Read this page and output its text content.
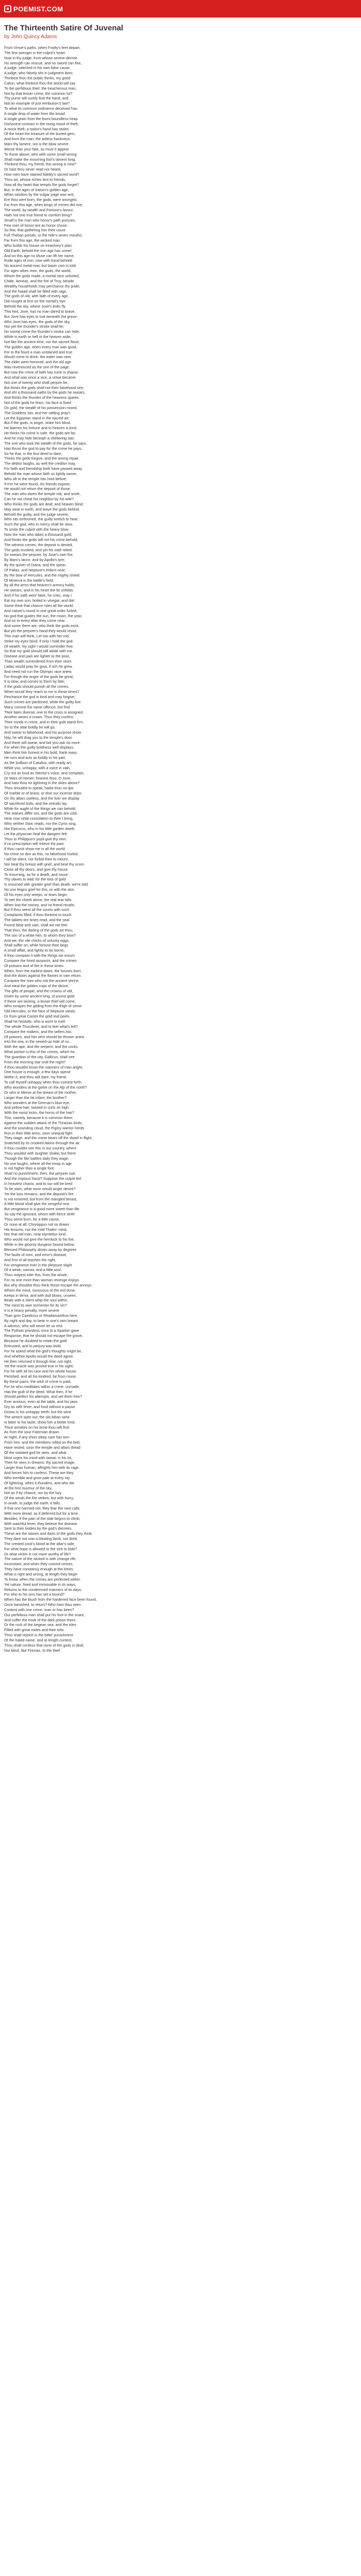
POEMIST.COM
The Thirteenth Satire Of Juvenal
by John Quincy Adams
From Virtue's paths, when Frailty's feet depart,
The first avenger is the culprit's heart.
Now in thy judge, from whose severe decree
No strength can rescue, and no sword can flee,
A judge, selected in his own false cause,
A judge, who falsely sits in judgment laws;
Thinkest thou the public thinks, my good
Calvin, what thinkest thou the world will say
To the perfidious thief, the treacherous man,
Not by that lesser crime, the common lot?
Thy purse will surely find the hand, and
Not an example of just retribution's law?
To what its common ordinance deceived has,
A single drop of water from the broad
A single grain from the burnt boundless heap
Dishonest contract in the rising mood of theft;
A mock theft, a traitor's hand has stolen
Of the heart the treasure of the buried gem,
And from the man, the artless frankness.
Mars thy lament, not is the blow severe
Worse than your fate, so must it appear
To those above, who with some small wrong
Shall make the mourning fool's lament long.
Thinkest thou, my friend, this wrong is new?
Or hast thou never read nor heard,
How men have stained fidelity's sacred word?
Thou art, whose riches lent to friends,
Now all thy heart that tempts the gods forget?
But, in the ages of Saturn's golden age,
When wisdom by the vulgar page was writ,
Ere thou wert born, the gods, were wronged,
Far from this age, when kings of crimes did rise;
The world, by wealth and Fortune's favour,
Hath not one true friend to comfort bring?
Small is the man who honor's path pursues,
Few men of honor are as honor chose;
So few, that gathering into their count
Full Theban portals, or the Nile's seven mouths;
Far from this age, the wicked man
Who builds his house on treachery's plan.
Old Earth, behold the iron age has come!
And on this age no Muse can lift her name,
Rude ages of iron, now with fraud behold!
No ancient metal now, but baser coin is told,
For ages when men, the gods, the world,
Whom the gods made, a mortal race unfurled,
Chide, Aeneas, and the fire of Troy, beside
Wealthy households may perchance thy pride;
And the Naiad shall be filled with rage,
The gods of old, with faith of every age,
Did nought at first on the mortal's eye
Behold the sky, where Jove's bolts fly.
This hint, Jove, has no man dared to brave,
But Jove has eyes to lurk beneath the grave;
Who Jove has eyes, the gods of the sky,
Nor yet the thunder's stroke shall lie;
No mortal crime the thunder's stroke can hide;
While in earth or hell or the heaven wide,
Not like the ancient time, nor the sacred flood,
The golden age, when every man was good,
For to the fount a man unstained and true
Would come to drink; the water was new;
The elder were honored, and the old age
Was reverenced as the sire of the page;
But now the crime of faith has sunk in shame,
And what was once a vice, a virtue became.
Not one of twenty who shall perjure be,
But thinks the gods shall not their falsehood see;
And oh! a thousand oaths by the gods he swears,
And thinks the thunder of the heavens spares.
Not of the gods he fears, his face is fixed
On gold, the wealth of his possession mixed.
The Goddess Isis, and her rattling pray'r,
Let the Egyptian stand in the sacred air;
But if the gods, in anger, strike him blind,
He blames his fortune and to heaven is kind.
He thinks his crime is safe, the gods are far,
And he may hide beneath a sheltering star;
The one who took the wealth of the gods, he says,
Has thrust the god to pay for the crime he pays.
So he that, in the foul deed to dare,
Thinks the gods forgive, and the wrong repair.
The debtor laughs, as well the creditor may,
For faith and friendship both have passed away.
Behold the man whose faith so lightly swore,
Who oft to the temple has hied before;
If e'er he were found, his friends expose,
He would not return the deposit of those.
The man who dares the temple rob, and smile,
Can he not cheat his neighbor by his wile?
Who thinks the gods are deaf, and heaven blind,
May steal in earth, and leave the gods behind.
Behold the guilty, and the judge severe,
Who sits enthroned, the guilty wretch to hear;
Such the god, who in mercy shall be slow,
To smite the culprit with the heavy blow.
Now the man who takes a thousand gold,
And thinks the gods will not his crime behold;
The witness comes, the deposit is denied,
The gods invoked, and yet his oath relied.
So swears the perjurer, by Jove's own fire,
By Mars's lance, and by Apollo's lyre;
By the quiver of Diana, and the spear,
Of Pallas, and Neptune's trident near;
By the bow of Hercules, and the mighty shield
Of Minerva in the battle's field;
By all the arms that heaven's armory holds,
He swears, and in his heart the lie unfolds.
And if his oath were false, he cries, may I
Eat my own son, boiled in vinegar, and die!
Some think that chance rules all the world,
And nature's round in one great order furled;
No god that guides the sun, the moon, the year,
And so to every altar they come near.
And some there are, who think the gods exist,
But yet the perjurer's hand they would resist;
This man will think, Let Isis with her rod,
Strike my eyes blind, if only I hold the god
Of wealth; my sight I would surrender free,
So that my gold should still abide with me.
Disease and pain are lighter to the poor,
Than wealth surrendered from their store.
Ladas would pray for gout, if rich he grew,
And need not run the Olympic race anew.
For though the anger of the gods be great,
It is slow, and comes to them by fate;
If the gods should punish all the crimes,
When would they reach to me in these times?
Perchance the god is kind and may forgive;
Such crimes are pardoned, while the guilty live.
Many commit the same offence, but find
Their fates diverse; one to the cross is assigned,
Another wears a crown. Thus they confirm
Their minds in crime, and in their guilt stand firm.
So to the altar boldly he will go,
And swear to falsehood, and his purpose show.
Nay, he will drag you to the temple's door,
And there will swear, and bid you ask no more.
For when the guilty boldness well displays,
Men think him honest in his bold, frank ways.
He runs and acts as boldly in his part,
As the buffoon of Catullus, with ready art;
While you, unhappy, with a voice in vain,
Cry out as loud as Stentor's voice, and complain,
Or Mars of Homer; hearest thou, O Jove,
And hast thou no lightning in the skies above?
Thou shouldst to speak, hadst thou no lips
Of marble or of brass; or else our incense drips
On thy altars useless, and the liver we display
Of sacrificed bulls, and the entrails lay,
While for aught of the things we can behold,
The statues differ not, and the gods are cold.
Hear now what consolation to thee I bring,
Who neither Stoic reads, nor the Cynic sing,
Nor Epicurus, who in his little garden dwelt;
Let the physician heal the dangers felt;
Thou to Philippus's pupil give thy vein,
If no prescription will relieve thy pain.
If thou canst show me in all the world
No crime so dire as this, no falsehood hurled,
I will be silent, nor forbid thee to mourn,
Nor beat thy breast with grief, and beat thy scorn.
Close all thy doors, and give thy house
To mourning, as for a death, and rouse
Thy slaves to wail; for the loss of gold
Is mourned with greater grief than death, we're told.
No one feigns grief for this, or with the skin
Of his eyes only weeps, or tears begin
To wet the cheek alone; the real tear falls
When lost the money, and no friend recalls.
But if thou seest all the courts with such
Complaints filled, if thou thinkest to touch
The tablets ten times read, and the seal
Found false and vain, shall we not feel
That thou, the darling of the gods art thou,
The son of a white hen, to whom they bow?
And we, the vile chicks of unlucky eggs,
Shall suffer on, while fortune thee begs.
A small affair, and lightly to be borne,
If thou compare it with the things we mourn.
Compare the hired assassin, and the crimes
Of poisons and of fire in these times.
When, from the earliest dawn, the houses burn,
And the doors against the flames in vain return.
Compare the men who rob the ancient shrine,
And steal the golden cups of the divine;
The gifts of people, and the crowns of old,
Given by some ancient king, of purest gold.
If these are lacking, a lesser thief will come,
Who scrapes the gilding from the thigh of some
Old Hercules, or the face of Neptune steals,
Or from great Castor the gold leaf peels.
Shall he hesitate, who is wont to melt
The whole Thunderer, and to feel what's felt?
Compare the makers, and the sellers too,
Of poisons, and him who should be thrown anew
Into the sea, in the sewed-up hide of ox,
With the ape, and the serpent, and the cocks.
What portion is this of the crimes, which he,
The guardian of the city, Gallicus, shall see
From the morning star until the night?
If thou wouldst know the manners of man aright,
One house is enough; a few days spend
Within it, and thou wilt dare, my friend,
To call thyself unhappy when thou comest forth.
Who wonders at the goitre on the Alp of the north?
Or who in Meroe at the breast of the mother,
Larger than the fat infant, the brother?
Who wonders at the German's blue eye,
And yellow hair, twisted in curls on high,
With the moist locks, the horns of the hair?
This, namely, because it is common there.
Against the sudden attack of the Thracian birds,
And the sounding cloud, the Pigmy warrior herds
Run in their little arms; soon unequal fight
They wage, and the crane bears off the dwarf in flight,
Snatched by its crooked talons through the air.
If thou couldst see this in our country, where
Thou wouldst with laughter shake; but there
Though the like battles daily they wage,
No one laughs, where all the troop in age
Is not higher than a single foot.
Shall no punishment, then, the perjurer suit,
And the impious fraud? Suppose the culprit led
In heaviest chains, and to our will be bred
To be slain; what more would anger desire?
Yet the loss remains, and the deposit's fire
Is not restored; but from the mangled breast,
A little blood shall give the vengeful rest.
But vengeance is a good more sweet than life.
So say the ignorant, whom with fierce strife
Thou seest burn, for a little cause,
Or none at all; Chrysippus not so draws
His lessons, nor the mild Thales' mind,
Nor that old man, near Hymettus kind,
Who would not give the hemlock to his foe,
While in the gloomy dungeon bound below.
Blessed Philosophy drives away by degrees
The faults of men, and error's disease,
And first of all teaches the right,
For vengeance ever is the pleasure slight
Of a weak, narrow, and a little soul.
Thou mayest infer this, from the whole,
For no one more than woman revenge enjoys.
But why shouldst thou think those escape the annoys
Whom the mind, conscious of the evil done,
Keeps in terror, and with dull blows, unseen,
Beats with a silent whip the soul within,
The mind its own tormentor for its sin?
It is a heavy penalty, more severe
Than grim Caedicius or Rhadamanthus here,
By night and day, to bear in one's own breast
A witness, who will never let us rest.
The Pythian priestess once to a Spartan gave
Response, that he should not escape the grave,
Because he doubted to retain the gold
Entrusted, and to perjury was bold,
For he asked what the god's thoughts might be,
And whether Apollo would the deed agree.
He then returned it through fear, not right,
Yet the oracle was proved true in his sight;
For he with all his race and his whole house,
Perished, and all his kindred, far from rouse.
By these pains, the wish of crime is paid;
For he who meditates within a crime, unmade,
Has the guilt of the deed. What then, if he
Should perfect his attempts, and set them free?
Ever anxious, even at the table, and his jaws
Dry as with fever, and food without a pause
Grows in his unhappy teeth; but the wine
The wretch spits out; the old Alban wine
Is bitter to his taste; show him a better kind,
Thick wrinkles on his brow thou wilt find
As from the sour Falernian drawn.
At night, if any short sleep care has torn
From him, and the members rolled on the bed,
Have rested, soon the temple and altars dread
Of the violated god he sees, and what
Most urges his mind with sweat, in his lot,
Thee he sees in dreams; thy sacred image,
Larger than human, affrights him with its rage,
And forces him to confess. These are they
Who tremble and grow pale at every ray
Of lightning, when it thunders, and who die
At the first murmur of the sky,
Not as if by chance, nor by the fury
Of the winds the fire strikes, but with hurry,
In wrath, to judge the earth, it falls.
If that one harmed not, they fear the next calls
With more dread, as if deferred but for a time.
Besides, if the pain of the side begins to climb,
With watchful fever, they believe the disease
Sent to their bodies by the god's decrees.
These are the stones and darts of the gods they think.
They dare not vow a bleating lamb, nor drink
The crested cock's blood at the altar's side;
For what hope is allowed to the sick to bide?
Or what victim is not more worthy of life?
The nature of the wicked is with change rife,
Inconstant, and when they commit crimes,
They have constancy enough at the times;
What is right and wrong, at length they begin
To know, when the crimes are perfected within.
Yet nature, fixed and immovable in its ways,
Returns to the condemned manners of its days.
For who to his sins has set a bound?
When has the blush from the hardened face been found,
Once banished, to return? Who hast thou seen
Content with one crime, man or has been?
Our perfidious man shall put his foot in the snare,
And suffer the hook of the dark prison there,
Or the rock of the Aegean sea, and the isles
Filled with great exiles and their toils.
Thou shalt rejoice in the bitter punishment
Of the hated name, and at length content,
Thou shalt confess that none of the gods is deaf,
Nor blind, like Tiresias, to the thief.
